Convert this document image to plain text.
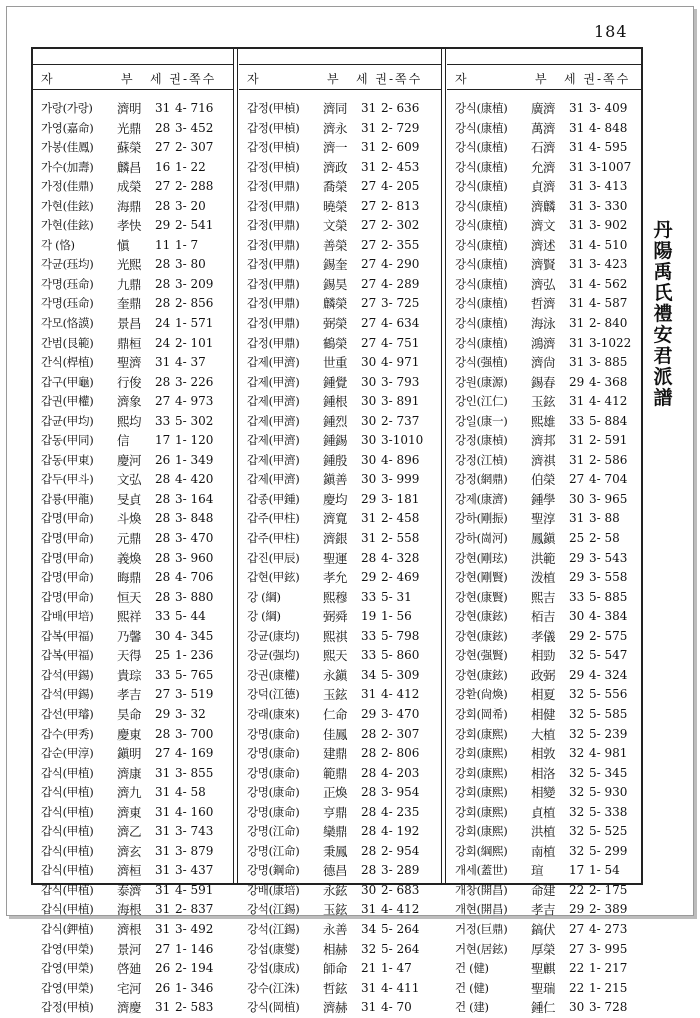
184
丹
陽
禹
氏
禮
安
君
派
譜
자	부 세 권-쪽수
가랑(가랑) 濟明 31 4- 716
가영(嘉命) 光鼎 28 3- 452
가봉(佳鳳) 蘇榮 27 2- 307
가수(加壽) 麟昌 16 1- 22
가정(佳鼎) 成榮 27 2- 288
가현(佳鉉) 海鼎 28 3- 20
가현(佳鉉) 孝快 29 2- 541
각 (恪)	愼 11 1- 7
각균(珏均) 光熙 28 3- 80
각명(珏命) 九鼎 28 3- 209
각명(珏命) 奎鼎 28 2- 856
각모(恪謨) 景昌 24 1- 571
간범(艮範) 鼎桓 24 2- 101
간식(桿植) 聖濟 31 4- 37
갑구(甲龜) 行俊 28 3- 226
갑권(甲權) 濟象 27 4- 973
갑균(甲均) 熙均 33 5- 302
갑동(甲同) 信 17 1- 120
갑동(甲東) 慶河 26 1- 349
갑두(甲斗) 文弘 28 4- 420
갑룡(甲龍) 旻貞 28 3- 164
갑명(甲命) 斗煥 28 3- 848
갑명(甲命) 元鼎 28 3- 470
갑명(甲命) 義煥 28 3- 960
갑명(甲命) 晦鼎 28 4- 706
갑명(甲命) 恒天 28 3- 880
갑배(甲培) 熙祥 33 5- 44
갑복(甲福) 乃馨 30 4- 345
갑복(甲福) 天得 25 1- 236
갑석(甲錫) 貴琮 33 5- 765
갑석(甲錫) 孝吉 27 3- 519
갑선(甲璿) 昊命 29 3- 32
갑수(甲秀) 慶東 28 3- 700
갑순(甲淳) 鎭明 27 4- 169
갑식(甲植) 濟康 31 3- 855
갑식(甲植) 濟九 31 4- 58
갑식(甲植) 濟東 31 4- 160
갑식(甲植) 濟乙 31 3- 743
갑식(甲植) 濟玄 31 3- 879
갑식(甲植) 濟桓 31 3- 437
갑식(甲植) 泰濟 31 4- 591
갑식(甲植) 海根 31 2- 837
갑식(鉀植) 濟根 31 3- 492
갑영(甲榮) 景河 27 1- 146
갑영(甲榮) 啓廸 26 2- 194
갑영(甲榮) 宅河 26 1- 346
갑정(甲楨) 濟慶 31 2- 583
자	부 세 권-쪽수
갑정(甲楨) 濟同 31 2- 636
갑정(甲楨) 濟永 31 2- 729
갑정(甲楨) 濟一 31 2- 609
갑정(甲楨) 濟政 31 2- 453
갑정(甲鼎) 喬榮 27 4- 205
갑정(甲鼎) 曉榮 27 2- 813
갑정(甲鼎) 文榮 27 2- 302
갑정(甲鼎) 善榮 27 2- 355
갑정(甲鼎) 錫奎 27 4- 290
갑정(甲鼎) 錫昊 27 4- 289
갑정(甲鼎) 麟榮 27 3- 725
갑정(甲鼎) 弼榮 27 4- 634
갑정(甲鼎) 鶴榮 27 4- 751
갑제(甲濟) 世重 30 4- 971
갑제(甲濟) 鍾覺 30 3- 793
갑제(甲濟) 鍾根 30 3- 891
갑제(甲濟) 鍾烈 30 2- 737
갑제(甲濟) 鍾錫 30 3-1010
갑제(甲濟) 鍾殷 30 4- 896
갑제(甲濟) 鎭善 30 3- 999
갑종(甲鍾) 慶均 29 3- 181
갑주(甲柱) 濟寬 31 2- 458
갑주(甲柱) 濟銀 31 2- 558
갑진(甲辰) 聖運 28 4- 328
갑현(甲鉉) 孝允 29 2- 469
강 (綱)	熙穆 33 5- 31
강 (綱)	弼舜 19 1- 56
강균(康均) 熙祺 33 5- 798
강균(强均) 熙天 33 5- 860
강권(康權) 永鎭 34 5- 309
강덕(江德) 玉鉉 31 4- 412
강래(康來) 仁命 29 3- 470
강명(康命) 佳鳳 28 2- 307
강명(康命) 建鼎 28 2- 806
강명(康命) 範鼎 28 4- 203
강명(康命) 正煥 28 3- 954
강명(康命) 亨鼎 28 4- 235
강명(江命) 欒鼎 28 4- 192
강명(江命) 秉鳳 28 2- 954
강명(鋼命) 德昌 28 3- 289
강배(康培) 永鉉 30 2- 683
강석(江錫) 玉鉉 31 4- 412
강석(江錫) 永善 34 5- 264
강섭(康燮) 相赫 32 5- 264
강섭(康成) 師命 21 1- 47
강수(江洙) 哲鉉 31 4- 411
강식(岡植) 濟赫 31 4- 70
자	부 세 권-쪽수
강식(康植) 廣濟 31 3- 409
강식(康植) 萬濟 31 4- 848
강식(康植) 石濟 31 4- 595
강식(康植) 允濟 31 3-1007
강식(康植) 貞濟 31 3- 413
강식(康植) 濟麟 31 3- 330
강식(康植) 濟文 31 3- 902
강식(康植) 濟述 31 4- 510
강식(康植) 濟賢 31 3- 423
강식(康植) 濟弘 31 4- 562
강식(康植) 哲濟 31 4- 587
강식(康植) 海泳 31 2- 840
강식(康植) 鴻濟 31 3-1022
강식(强植) 濟尙 31 3- 885
강원(康源) 錫春 29 4- 368
강인(江仁) 玉鉉 31 4- 412
강일(康一) 熙雄 33 5- 884
강정(康楨) 濟邦 31 2- 591
강정(江楨) 濟祺 31 2- 586
강정(網鼎) 伯榮 27 4- 704
강제(康濟) 鍾學 30 3- 965
강하(剛振) 聖淳 31 3- 88
강하(崗河) 鳳鎭 25 2- 58
강현(剛玹) 洪範 29 3- 543
강현(剛賢) 泼植 29 3- 558
강현(康賢) 熙吉 33 5- 885
강현(康鉉) 栢吉 30 4- 384
강현(康鉉) 孝儀 29 2- 575
강현(强賢) 相勁 32 5- 547
강현(康鉉) 政弼 29 4- 324
강환(尙煥) 相夏 32 5- 556
강회(岡希) 相健 32 5- 585
강회(康熙) 大植 32 5- 239
강회(康熙) 相敦 32 4- 981
강회(康熙) 相洛 32 5- 345
강회(康熙) 相變 32 5- 930
강회(康熙) 貞植 32 5- 338
강회(康熙) 洪植 32 5- 525
강회(綱熙) 南植 32 5- 299
개세(蓋世) 瑄 17 1- 54
개창(開昌) 命建 22 2- 175
개현(開昌) 孝吉 29 2- 389
거정(巨鼎) 鎬伏 27 4- 273
거현(居鉉) 厚榮 27 3- 995
건 (健)	聖麒 22 1- 217
건 (健)	聖瑞 22 1- 215
건 (建)	鍾仁 30 3- 728
